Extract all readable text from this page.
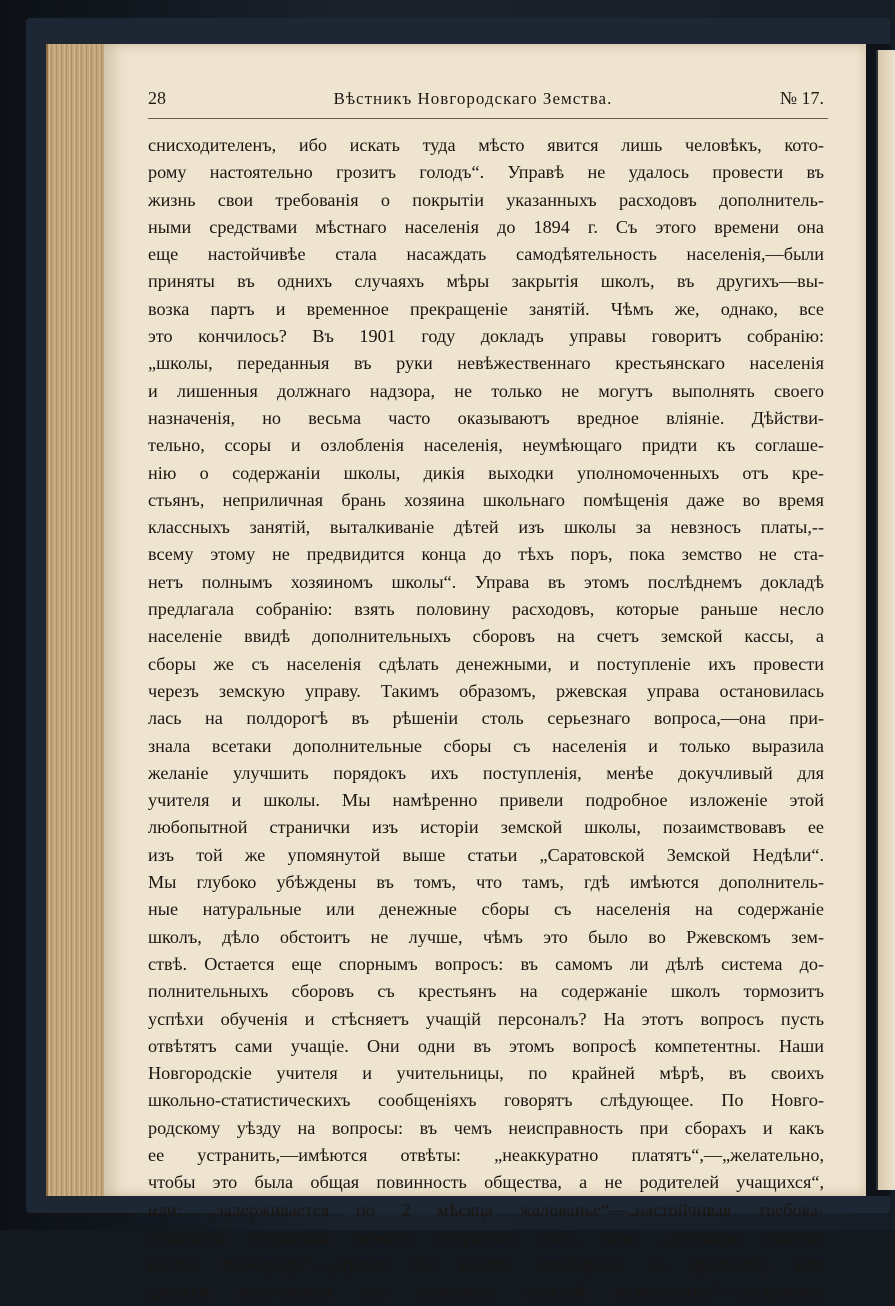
28	Вѣстникъ Новгородскаго Земства.	№ 17.
снисходителенъ, ибо искать туда мѣсто явится лишь человѣкъ, кото-
рому настоятельно грозитъ голодъ“. Управѣ не удалось провести въ
жизнь свои требованія о покрытіи указанныхъ расходовъ дополнитель-
ными средствами мѣстнаго населенія до 1894 г. Съ этого времени она
еще настойчивѣе стала насаждать самодѣятельность населенія,—были
приняты въ однихъ случаяхъ мѣры закрытія школъ, въ другихъ—вы-
возка партъ и временное прекращеніе занятій. Чѣмъ же, однако, все
это кончилось? Въ 1901 году докладъ управы говоритъ собранію:
„школы, переданныя въ руки невѣжественнаго крестьянскаго населенія
и лишенныя должнаго надзора, не только не могутъ выполнять своего
назначенія, но весьма часто оказываютъ вредное вліяніе. Дѣйстви-
тельно, ссоры и озлобленія населенія, неумѣющаго придти къ соглаше-
нію о содержаніи школы, дикія выходки уполномоченныхъ отъ кре-
стьянъ, неприличная брань хозяина школьнаго помѣщенія даже во время
классныхъ занятій, выталкиваніе дѣтей изъ школы за невзносъ платы,--
всему этому не предвидится конца до тѣхъ поръ, пока земство не ста-
нетъ полнымъ хозяиномъ школы“. Управа въ этомъ послѣднемъ докладѣ
предлагала собранію: взять половину расходовъ, которые раньше несло
населеніе ввидѣ дополнительныхъ сборовъ на счетъ земской кассы, а
сборы же съ населенія сдѣлать денежными, и поступленіе ихъ провести
черезъ земскую управу. Такимъ образомъ, ржевская управа остановилась
лась на полдорогѣ въ рѣшеніи столь серьезнаго вопроса,—она при-
знала всетаки дополнительные сборы съ населенія и только выразила
желаніе улучшить порядокъ ихъ поступленія, менѣе докучливый для
учителя и школы. Мы намѣренно привели подробное изложеніе этой
любопытной странички изъ исторіи земской школы, позаимствовавъ ее
изъ той же упомянутой выше статьи „Саратовской Земской Недѣли“.
Мы глубоко убѣждены въ томъ, что тамъ, гдѣ имѣются дополнитель-
ные натуральные или денежные сборы съ населенія на содержаніе
школъ, дѣло обстоитъ не лучше, чѣмъ это было во Ржевскомъ зем-
ствѣ. Остается еще спорнымъ вопросъ: въ самомъ ли дѣлѣ система до-
полнительныхъ сборовъ съ крестьянъ на содержаніе школъ тормозитъ
успѣхи обученія и стѣсняетъ учащій персоналъ? На этотъ вопросъ пусть
отвѣтятъ сами учащіе. Они одни въ этомъ вопросѣ компетентны. Наши
Новгородскіе учителя и учительницы, по крайней мѣрѣ, въ своихъ
школьно-статистическихъ сообщеніяхъ говорятъ слѣдующее. По Новго-
родскому уѣзду на вопросы: въ чемъ неисправность при сборахъ и какъ
ее устранить,—имѣются отвѣты: „неаккуратно платятъ“,—„желательно,
чтобы это была общая повинность общества, а не родителей учащихся“,
или: „задерживается по 2 мѣсяца жалованье“—„настойчивая требова-
тельность старшины можетъ устранить это“, или: „училище отапли-
вается поочереди“—„лучше бы нанять помѣщеніе съ дровами“, или
„деньги получаются отъ сельскихъ властей неаккуратно“—„устранить
